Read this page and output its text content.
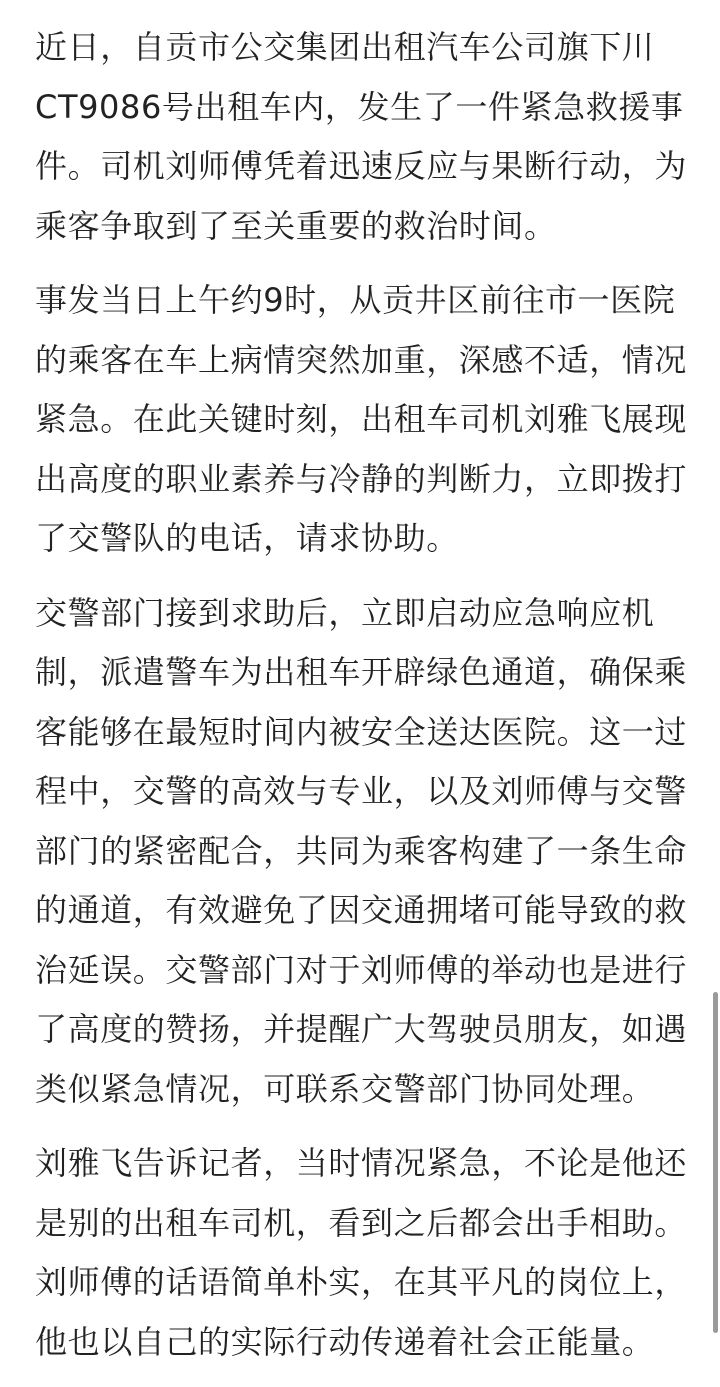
近日，自贡市公交集团出租汽车公司旗下川
CT9086号出租车内，发生了一件紧急救援事
件。司机刘师傅凭着迅速反应与果断行动，为
乘客争取到了至关重要的救治时间。

事发当日上午约9时，从贡井区前往市一医院
的乘客在车上病情突然加重，深感不适，情况
紧急。在此关键时刻，出租车司机刘雅飞展现
出高度的职业素养与冷静的判断力，立即拨打
了交警队的电话，请求协助。

交警部门接到求助后，立即启动应急响应机
制，派遣警车为出租车开辟绿色通道，确保乘
客能够在最短时间内被安全送达医院。这一过
程中，交警的高效与专业，以及刘师傅与交警
部门的紧密配合，共同为乘客构建了一条生命
的通道，有效避免了因交通拥堵可能导致的救
治延误。交警部门对于刘师傅的举动也是进行
了高度的赞扬，并提醒广大驾驶员朋友，如遇
类似紧急情况，可联系交警部门协同处理。

刘雅飞告诉记者，当时情况紧急，不论是他还
是别的出租车司机，看到之后都会出手相助。
刘师傅的话语简单朴实，在其平凡的岗位上，
他也以自己的实际行动传递着社会正能量。
